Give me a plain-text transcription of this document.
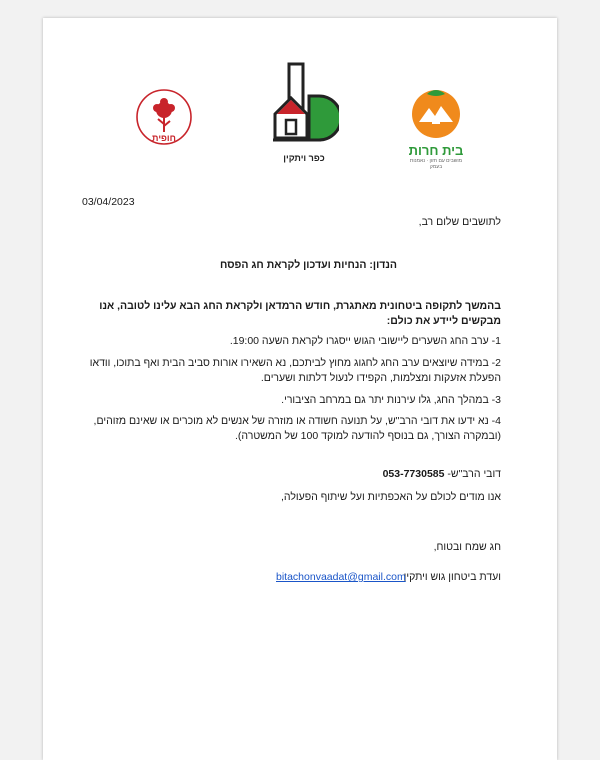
חופית
כפר ויתקין	בית חרות
מושבים עם חזון · נאמנות בעמק

03/04/2023

לתושבים שלום רב,

הנדון: הנחיות ועדכון לקראת חג הפסח

בהמשך לתקופה ביטחונית מאתגרת, חודש הרמדאן ולקראת החג הבא עלינו לטובה, אנו מבקשים ליידע את כולם:

1- ערב החג השערים ליישובי הגוש ייסגרו לקראת השעה 19:00.

2- במידה שיוצאים ערב החג לחגוג מחוץ לביתכם, נא השאירו אורות סביב הבית ואף בתוכו, וודאו הפעלת אזעקות ומצלמות, הקפידו לנעול דלתות ושערים.

3- במהלך החג, גלו עירנות יתר גם במרחב הציבורי.

4- נא ידעו את דובי הרב"ש, על תנועה חשודה או מוזרה של אנשים לא מוכרים או שאינם מזוהים, (ובמקרה הצורך, גם בנוסף להודעה למוקד 100 של המשטרה).

דובי הרב"ש- 053-7730585

אנו מודים לכולם על האכפתיות ועל שיתוף הפעולה,

חג שמח ובטוח,

ועדת ביטחון גוש ויתקין

bitachonvaadat@gmail.com
